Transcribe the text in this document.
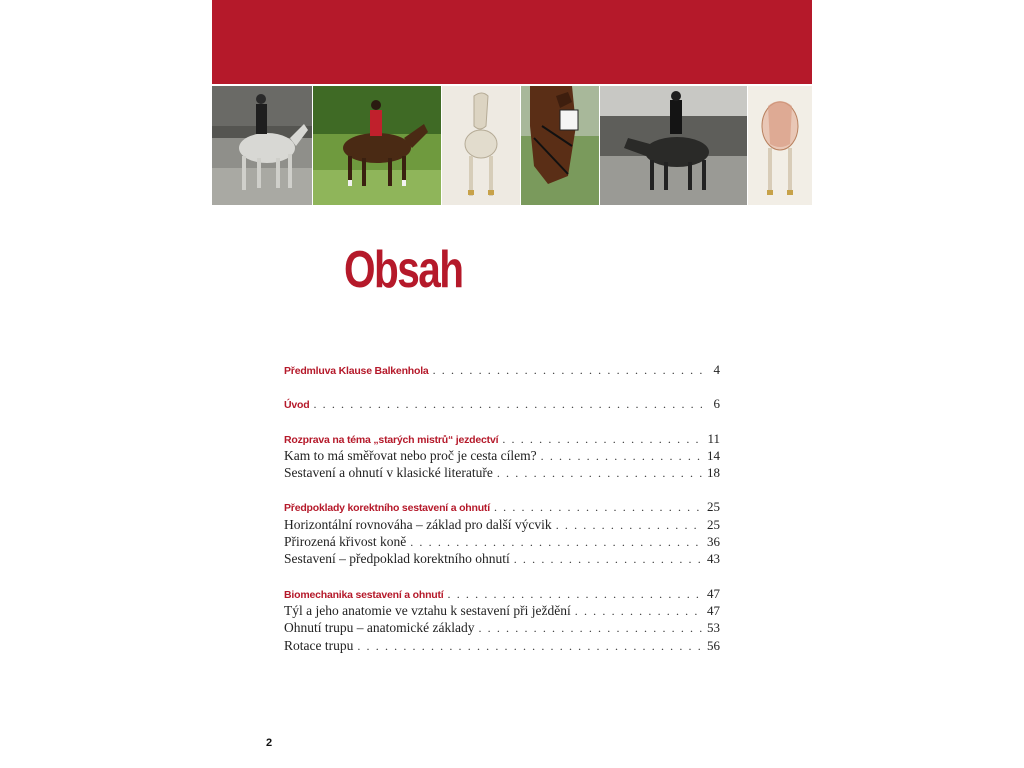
Obsah
Předmluva Klause Balkenhola . . .	4
Úvod . . .	6
Rozprava na téma „starých mistrů“ jezdectví . . .	11
Kam to má směřovat nebo proč je cesta cílem? . . .	14
Sestavení a ohnutí v klasické literatuře . . .	18
Předpoklady korektního sestavení a ohnutí . . .	25
Horizontální rovnováha – základ pro další výcvik . . .	25
Přirozená křivost koně . . .	36
Sestavení – předpoklad korektního ohnutí . . .	43
Biomechanika sestavení a ohnutí . . .	47
Týl a jeho anatomie ve vztahu k sestavení při ježdění . . .	47
Ohnutí trupu – anatomické základy . . .	53
Rotace trupu . . .	56
2
